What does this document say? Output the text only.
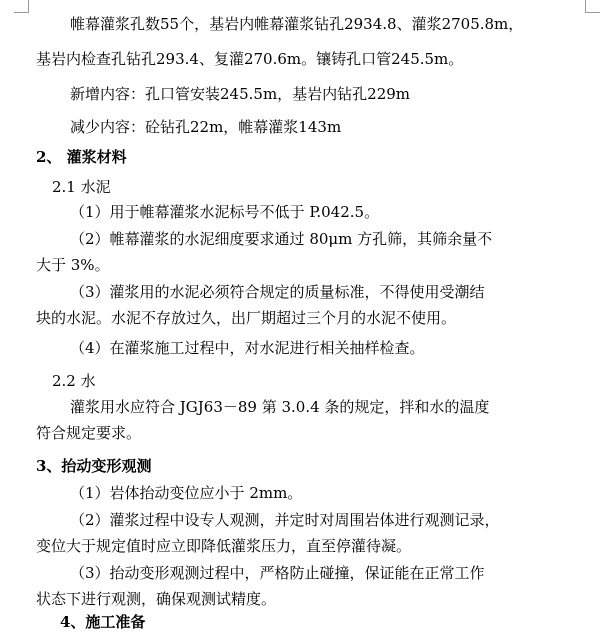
帷幕灌浆孔数55个，基岩内帷幕灌浆钻孔2934.8、灌浆2705.8m，
基岩内检查孔钻孔293.4、复灌270.6m。镶铸孔口管245.5m。
新增内容：孔口管安装245.5m，基岩内钻孔229m
减少内容：砼钻孔22m，帷幕灌浆143m
2、 灌浆材料
2.1 水泥
（1）用于帷幕灌浆水泥标号不低于 P.042.5。
（2）帷幕灌浆的水泥细度要求通过 80μm 方孔筛，其筛余量不
大于 3%。
（3）灌浆用的水泥必须符合规定的质量标准，不得使用受潮结
块的水泥。水泥不存放过久，出厂期超过三个月的水泥不使用。
（4）在灌浆施工过程中，对水泥进行相关抽样检查。
2.2 水
灌浆用水应符合 JGJ63－89 第 3.0.4 条的规定，拌和水的温度
符合规定要求。
3、抬动变形观测
（1）岩体抬动变位应小于 2mm。
（2）灌浆过程中设专人观测，并定时对周围岩体进行观测记录，
变位大于规定值时应立即降低灌浆压力，直至停灌待凝。
（3）抬动变形观测过程中，严格防止碰撞，保证能在正常工作
状态下进行观测，确保观测试精度。
4、施工准备
